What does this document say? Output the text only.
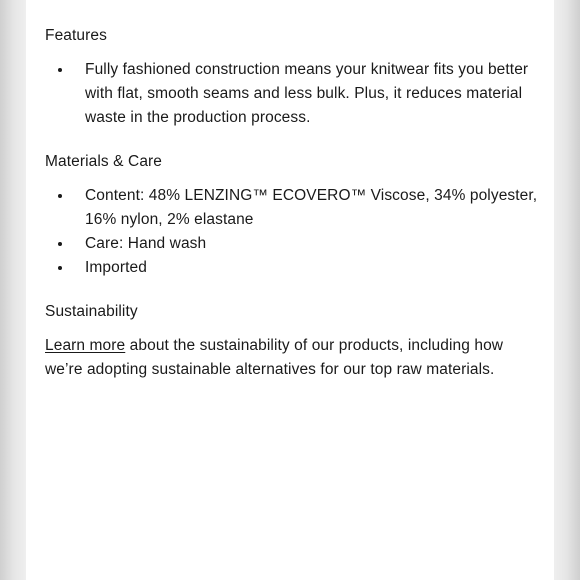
Features
Fully fashioned construction means your knitwear fits you better with flat, smooth seams and less bulk. Plus, it reduces material waste in the production process.
Materials & Care
Content: 48% LENZING™ ECOVERO™ Viscose, 34% polyester, 16% nylon, 2% elastane
Care: Hand wash
Imported
Sustainability

Learn more about the sustainability of our products, including how we’re adopting sustainable alternatives for our top raw materials.
